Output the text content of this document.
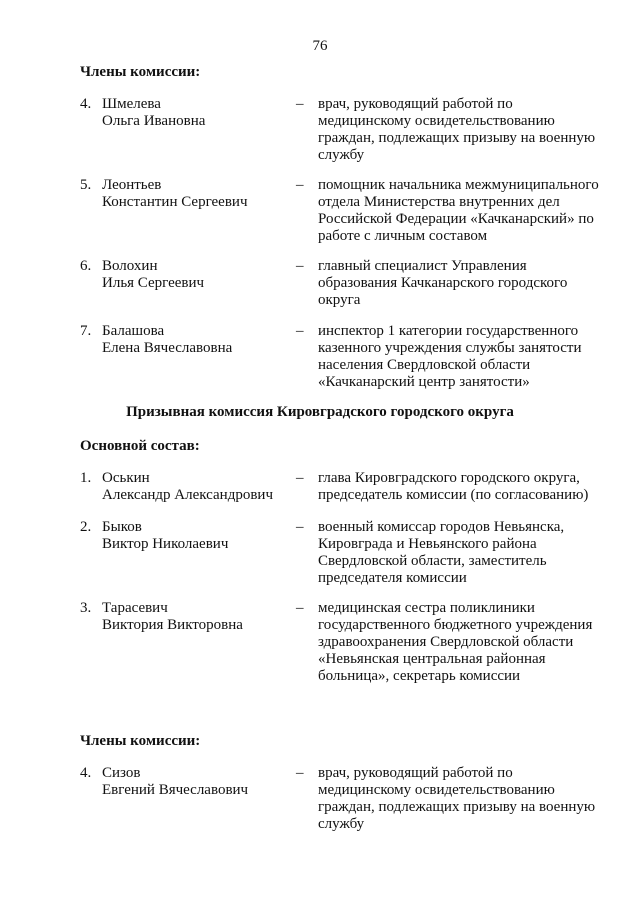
76
Члены комиссии:
4. Шмелева
Ольга Ивановна
– врач, руководящий работой по
медицинскому освидетельствованию
граждан, подлежащих призыву на военную
службу
5. Леонтьев
Константин Сергеевич
– помощник начальника межмуниципального
отдела Министерства внутренних дел
Российской Федерации «Качканарский» по
работе с личным составом
6. Волохин
Илья Сергеевич
– главный специалист Управления
образования Качканарского городского
округа
7. Балашова
Елена Вячеславовна
– инспектор 1 категории государственного
казенного учреждения службы занятости
населения Свердловской области
«Качканарский центр занятости»
Призывная комиссия Кировградского городского округа
Основной состав:
1. Оськин
Александр Александрович
– глава Кировградского городского округа,
председатель комиссии (по согласованию)
2. Быков
Виктор Николаевич
– военный комиссар городов Невьянска,
Кировграда и Невьянского района
Свердловской области, заместитель
председателя комиссии
3. Тарасевич
Виктория Викторовна
– медицинская сестра поликлиники
государственного бюджетного учреждения
здравоохранения Свердловской области
«Невьянская центральная районная
больница», секретарь комиссии
Члены комиссии:
4. Сизов
Евгений Вячеславович
– врач, руководящий работой по
медицинскому освидетельствованию
граждан, подлежащих призыву на военную
службу
